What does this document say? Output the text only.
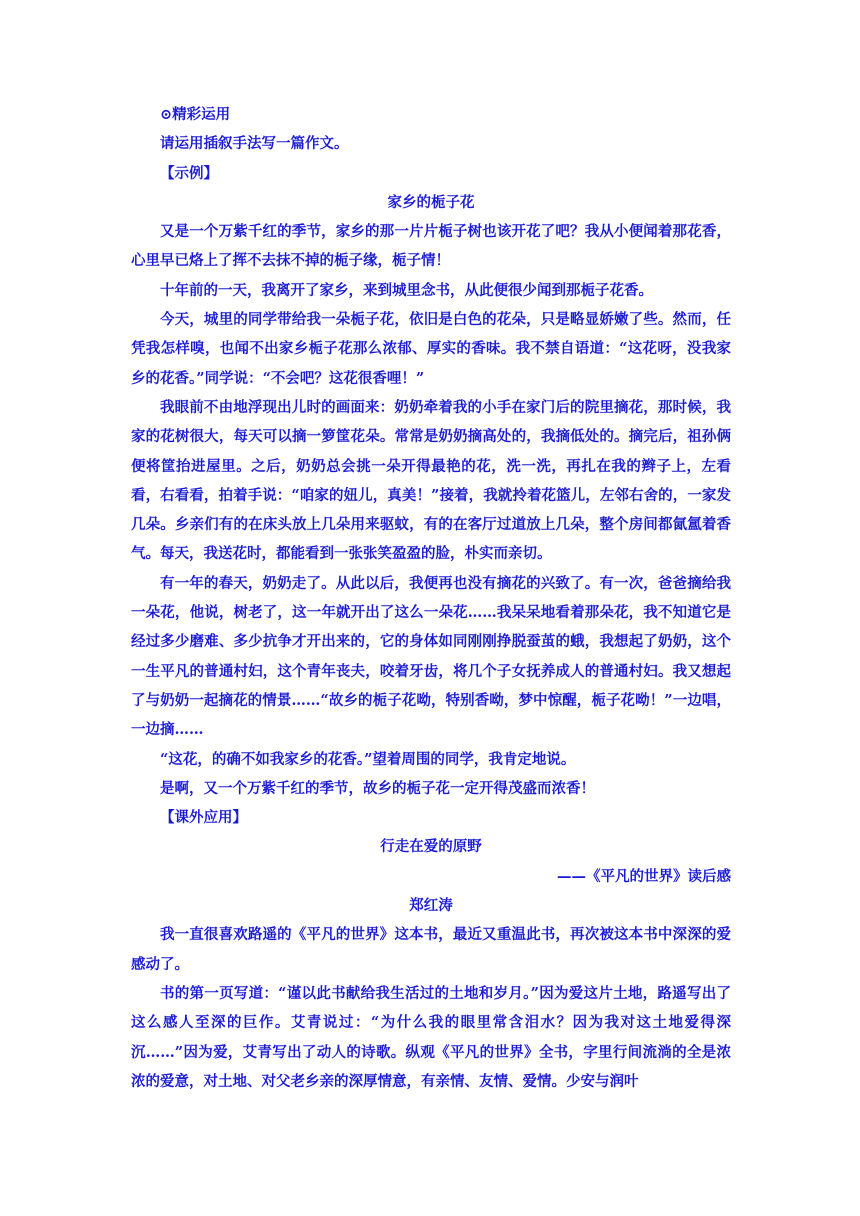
⊙精彩运用

请运用插叙手法写一篇作文。

【示例】

家乡的栀子花

又是一个万紫千红的季节，家乡的那一片片栀子树也该开花了吧？我从小便闻着那花香，心里早已烙上了挥不去抹不掉的栀子缘，栀子情！

十年前的一天，我离开了家乡，来到城里念书，从此便很少闻到那栀子花香。

今天，城里的同学带给我一朵栀子花，依旧是白色的花朵，只是略显娇嫩了些。然而，任凭我怎样嗅，也闻不出家乡栀子花那么浓郁、厚实的香味。我不禁自语道：“这花呀，没我家乡的花香。”同学说：“不会吧？这花很香哩！”

我眼前不由地浮现出儿时的画面来：奶奶牵着我的小手在家门后的院里摘花，那时候，我家的花树很大，每天可以摘一箩筐花朵。常常是奶奶摘高处的，我摘低处的。摘完后，祖孙俩便将筐抬进屋里。之后，奶奶总会挑一朵开得最艳的花，洗一洗，再扎在我的辫子上，左看看，右看看，拍着手说：“咱家的妞儿，真美！”接着，我就拎着花篮儿，左邻右舍的，一家发几朵。乡亲们有的在床头放上几朵用来驱蚊，有的在客厅过道放上几朵，整个房间都氤氲着香气。每天，我送花时，都能看到一张张笑盈盈的脸，朴实而亲切。

有一年的春天，奶奶走了。从此以后，我便再也没有摘花的兴致了。有一次，爸爸摘给我一朵花，他说，树老了，这一年就开出了这么一朵花……我呆呆地看着那朵花，我不知道它是经过多少磨难、多少抗争才开出来的，它的身体如同刚刚挣脱蚕茧的蛾，我想起了奶奶，这个一生平凡的普通村妇，这个青年丧夫，咬着牙齿，将几个子女抚养成人的普通村妇。我又想起了与奶奶一起摘花的情景……“故乡的栀子花呦，特别香呦，梦中惊醒，栀子花呦！”一边唱，一边摘……

“这花，的确不如我家乡的花香。”望着周围的同学，我肯定地说。

是啊，又一个万紫千红的季节，故乡的栀子花一定开得茂盛而浓香！

【课外应用】

行走在爱的原野

——《平凡的世界》读后感

郑红涛

我一直很喜欢路遥的《平凡的世界》这本书，最近又重温此书，再次被这本书中深深的爱感动了。

书的第一页写道：“谨以此书献给我生活过的土地和岁月。”因为爱这片土地，路遥写出了这么感人至深的巨作。艾青说过：“为什么我的眼里常含泪水？因为我对这土地爱得深沉……”因为爱，艾青写出了动人的诗歌。纵观《平凡的世界》全书，字里行间流淌的全是浓浓的爱意，对土地、对父老乡亲的深厚情意，有亲情、友情、爱情。少安与润叶
